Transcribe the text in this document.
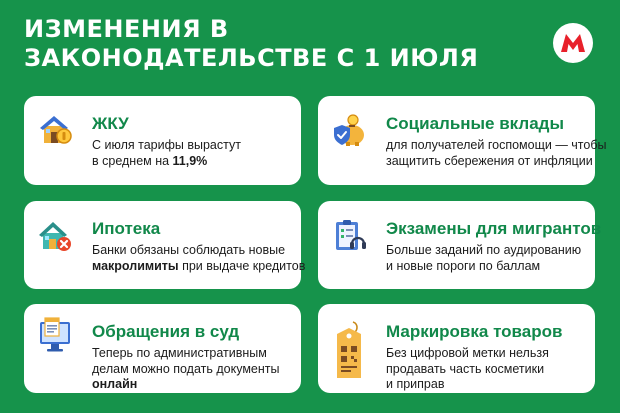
ИЗМЕНЕНИЯ В
ЗАКОНОДАТЕЛЬСТВЕ С 1 ИЮЛЯ
ЖКУ

С июля тарифы вырастут
в среднем на 11,9%

Социальные вклады

для получателей госпомощи — чтобы
защитить сбережения от инфляции

Ипотека

Банки обязаны соблюдать новые
макролимиты при выдаче кредитов

Экзамены для мигрантов

Больше заданий по аудированию
и новые пороги по баллам

Обращения в суд

Теперь по административным
делам можно подать документы
онлайн

Маркировка товаров

Без цифровой метки нельзя
продавать часть косметики
и приправ
